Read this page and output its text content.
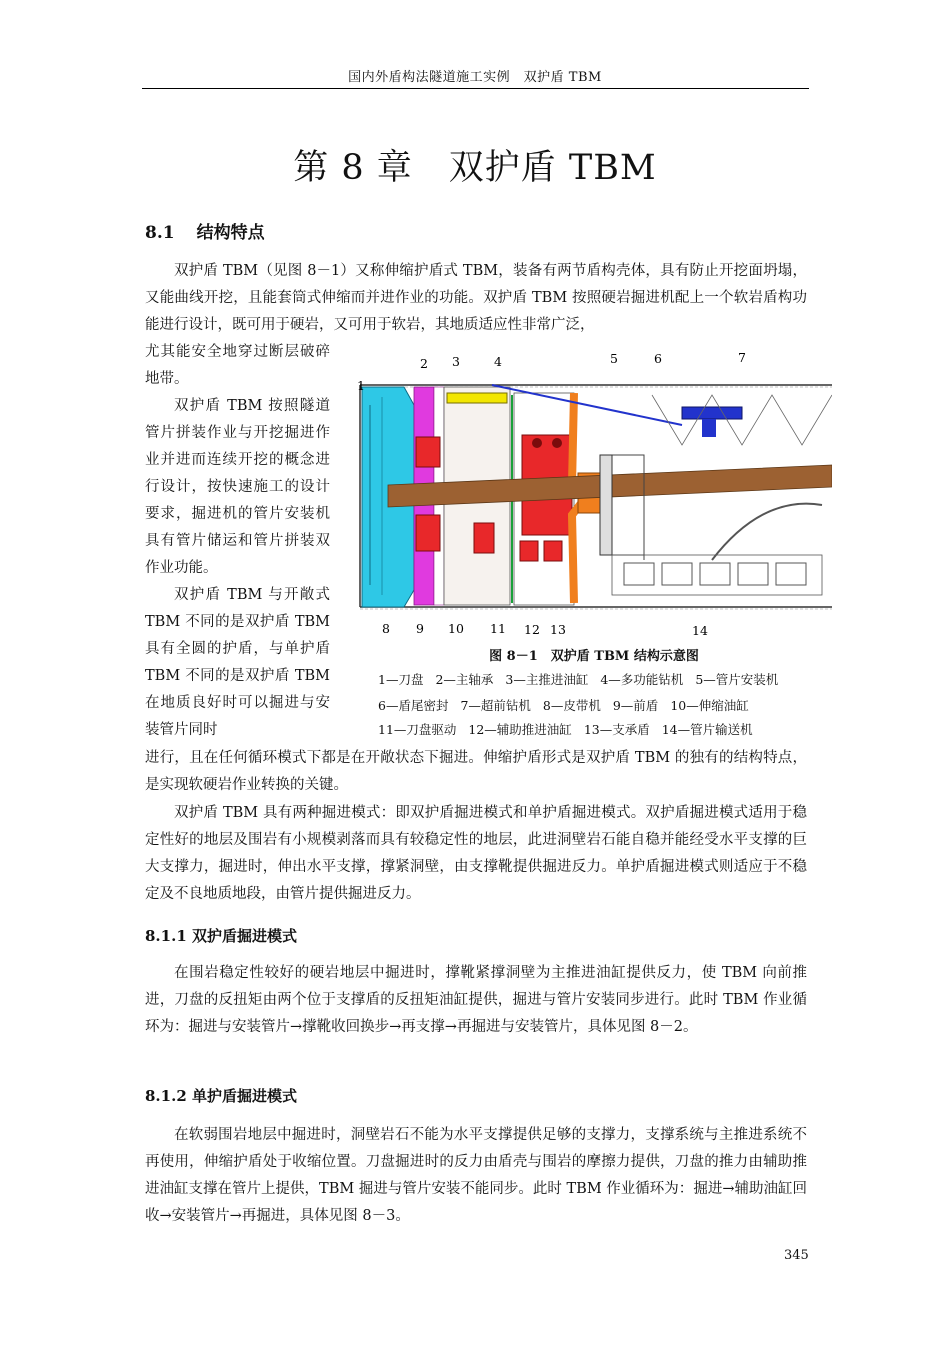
国内外盾构法隧道施工实例　双护盾 TBM
第 8 章　双护盾 TBM
8.1 结构特点

双护盾 TBM（见图 8－1）又称伸缩护盾式 TBM，装备有两节盾构壳体，具有防止开挖面坍塌，又能曲线开挖，且能套筒式伸缩而并进作业的功能。双护盾 TBM 按照硬岩掘进机配上一个软岩盾构功能进行设计，既可用于硬岩，又可用于软岩，其地质适应性非常广泛，

尤其能安全地穿过断层破碎地带。

双护盾 TBM 按照隧道管片拼装作业与开挖掘进作业并进而连续开挖的概念进行设计，按快速施工的设计要求，掘进机的管片安装机具有管片储运和管片拼装双作业功能。

双护盾 TBM 与开敞式 TBM 不同的是双护盾 TBM 具有全圆的护盾，与单护盾 TBM 不同的是双护盾 TBM 在地质良好时可以掘进与安装管片同时

1
2 3	4	5	6	7
8 9 10 11 12 13	14
图 8－1　双护盾 TBM 结构示意图
1—刀盘 2—主轴承 3—主推进油缸 4—多功能钻机 5—管片安装机
6—盾尾密封 7—超前钻机 8—皮带机 9—前盾 10—伸缩油缸
11—刀盘驱动 12—辅助推进油缸 13—支承盾 14—管片输送机

进行，且在任何循环模式下都是在开敞状态下掘进。伸缩护盾形式是双护盾 TBM 的独有的结构特点，是实现软硬岩作业转换的关键。

双护盾 TBM 具有两种掘进模式：即双护盾掘进模式和单护盾掘进模式。双护盾掘进模式适用于稳定性好的地层及围岩有小规模剥落而具有较稳定性的地层，此进洞壁岩石能自稳并能经受水平支撑的巨大支撑力，掘进时，伸出水平支撑，撑紧洞壁，由支撑靴提供掘进反力。单护盾掘进模式则适应于不稳定及不良地质地段，由管片提供掘进反力。

8.1.1 双护盾掘进模式

在围岩稳定性较好的硬岩地层中掘进时，撑靴紧撑洞壁为主推进油缸提供反力，使 TBM 向前推进，刀盘的反扭矩由两个位于支撑盾的反扭矩油缸提供，掘进与管片安装同步进行。此时 TBM 作业循环为：掘进与安装管片→撑靴收回换步→再支撑→再掘进与安装管片，具体见图 8－2。

8.1.2 单护盾掘进模式

在软弱围岩地层中掘进时，洞壁岩石不能为水平支撑提供足够的支撑力，支撑系统与主推进系统不再使用，伸缩护盾处于收缩位置。刀盘掘进时的反力由盾壳与围岩的摩擦力提供，刀盘的推力由辅助推进油缸支撑在管片上提供，TBM 掘进与管片安装不能同步。此时 TBM 作业循环为：掘进→辅助油缸回收→安装管片→再掘进，具体见图 8－3。

345
